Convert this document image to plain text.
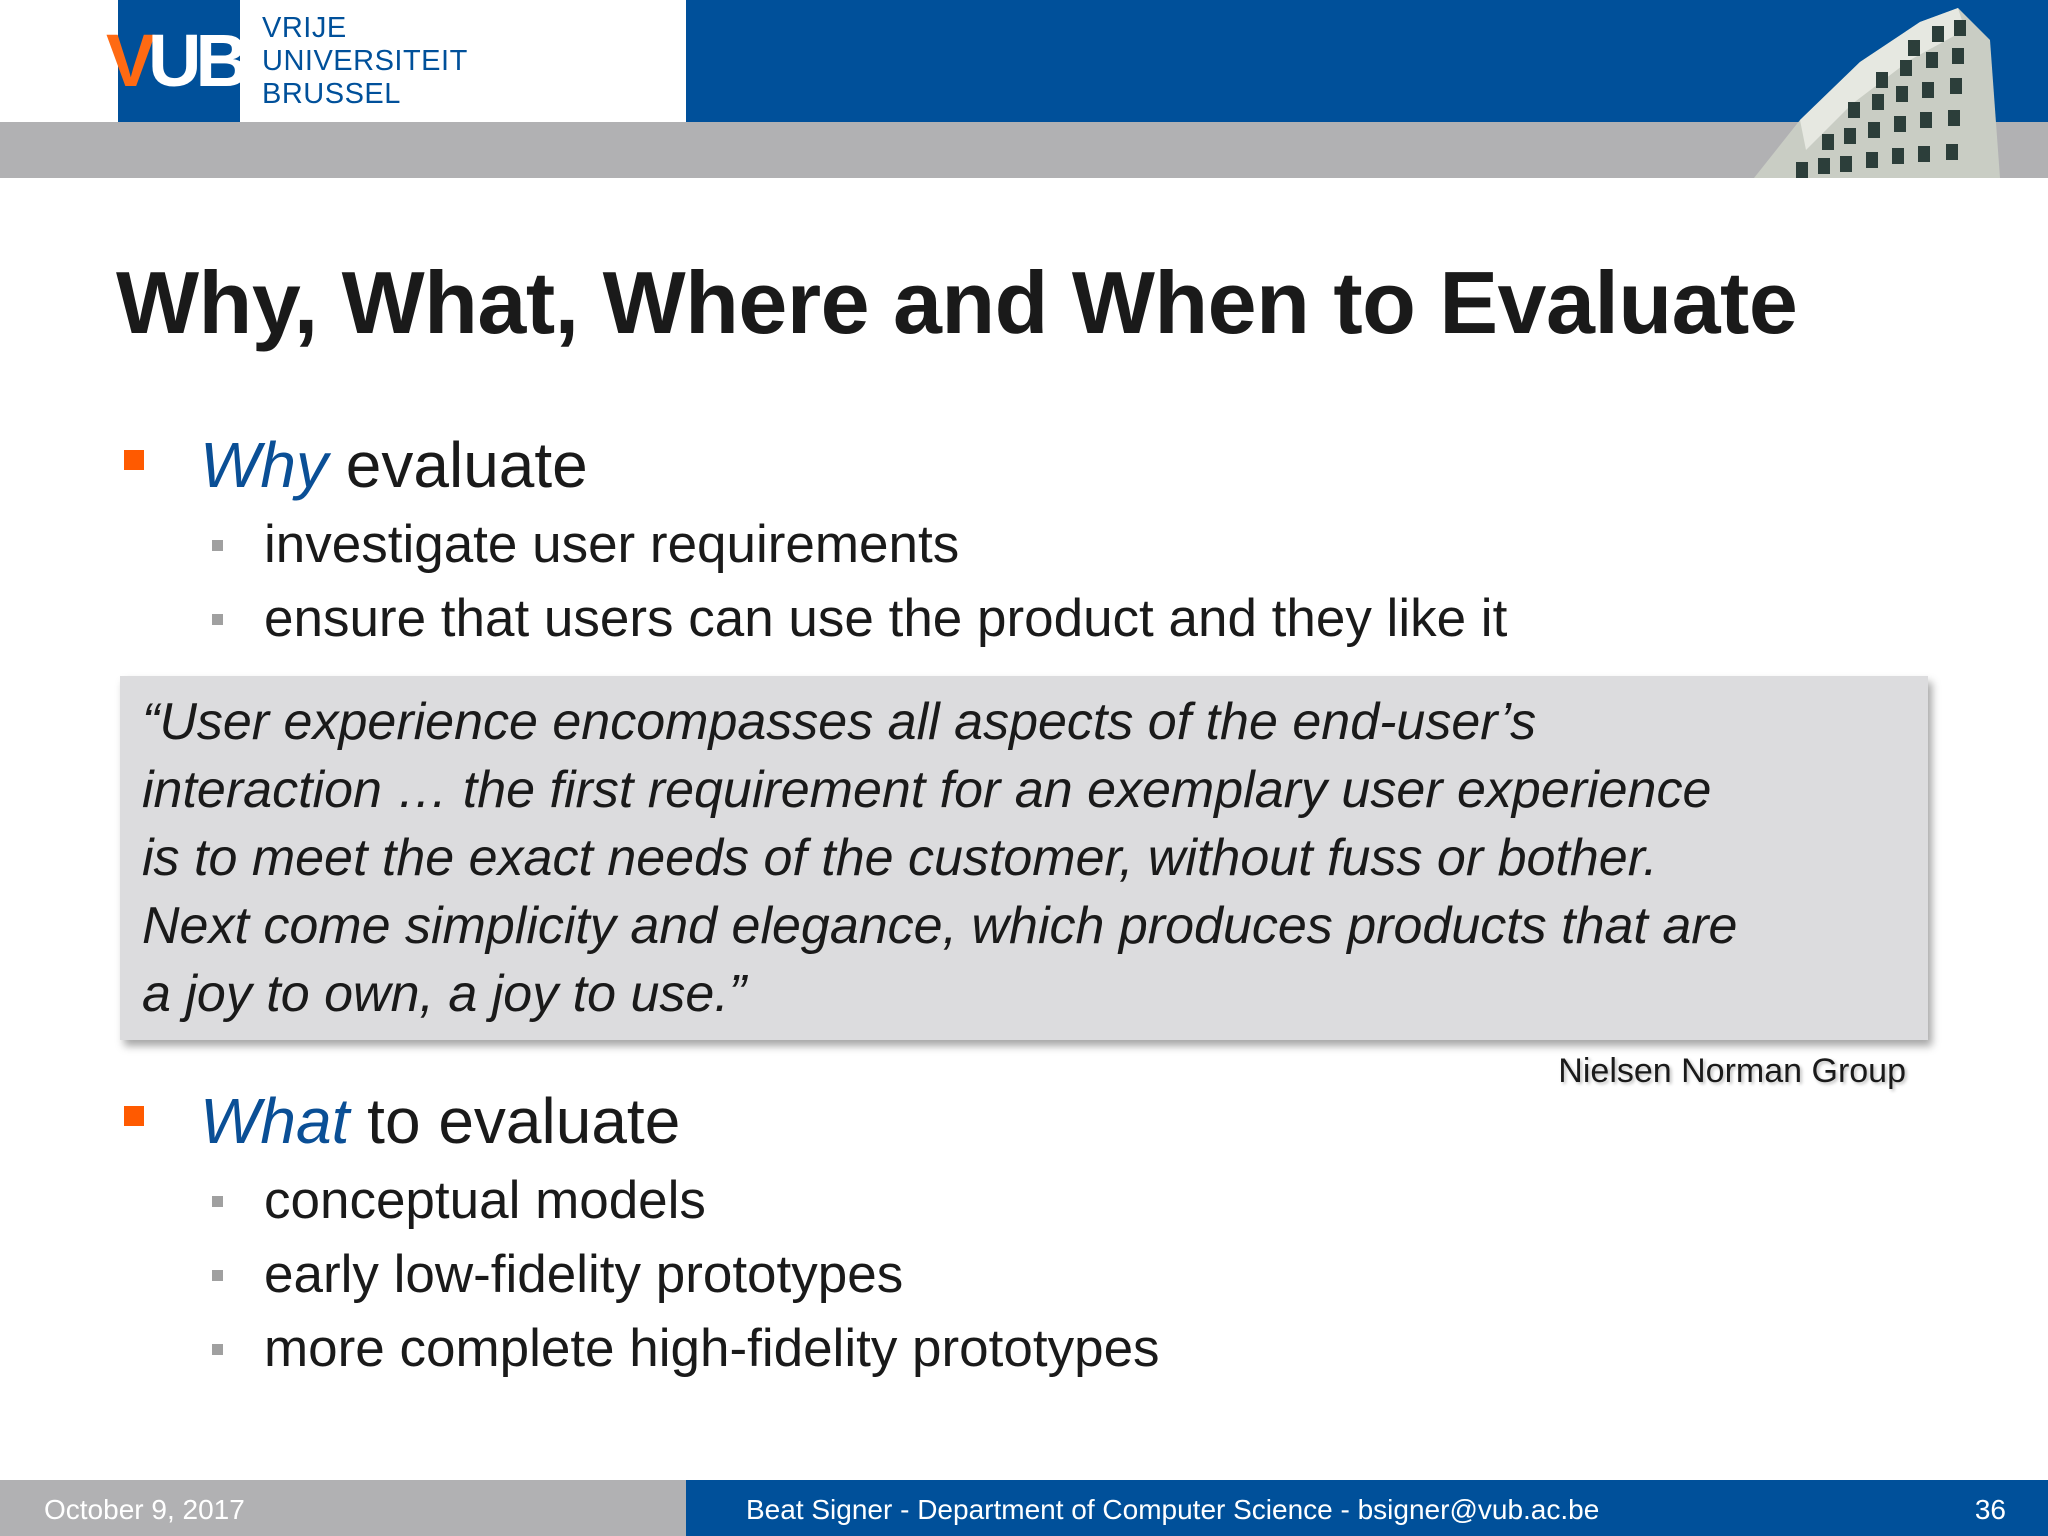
V
UB VRIJE
UNIVERSITEIT
BRUSSEL
Why, What, Where and When to Evaluate
Why evaluate
investigate user requirements
ensure that users can use the product and they like it
“User experience encompasses all aspects of the end-user’s
interaction … the first requirement for an exemplary user experience
is to meet the exact needs of the customer, without fuss or bother.
Next come simplicity and elegance, which produces products that are
a joy to own, a joy to use.”
Nielsen Norman Group
What to evaluate
conceptual models
early low-fidelity prototypes
more complete high-fidelity prototypes
October 9, 2017	Beat Signer - Department of Computer Science - bsigner@vub.ac.be	36
